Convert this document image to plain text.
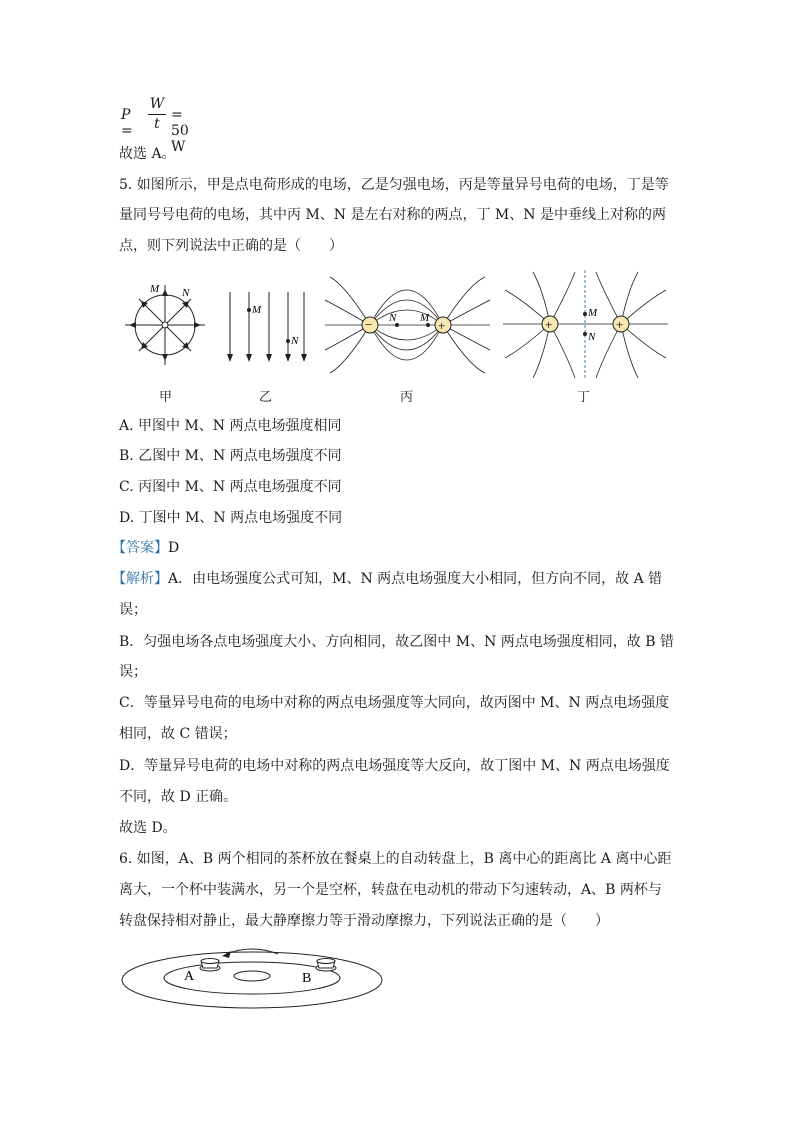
P =
W
t
= 50 W
故选 A。
5. 如图所示，甲是点电荷形成的电场，乙是匀强电场，丙是等量异号电荷的电场，丁是等
量同号号电荷的电场，其中丙 M、N 是左右对称的两点，丁 M、N 是中垂线上对称的两
点，则下列说法中正确的是（　　）
M N
M
N
−	+
N M	+	+
M
N
甲	乙	丙	丁
A. 甲图中 M、N 两点电场强度相同
B. 乙图中 M、N 两点电场强度不同
C. 丙图中 M、N 两点电场强度不同
D. 丁图中 M、N 两点电场强度不同
【答案】D
【解析】A．由电场强度公式可知，M、N 两点电场强度大小相同，但方向不同，故 A 错
误；
B．匀强电场各点电场强度大小、方向相同，故乙图中 M、N 两点电场强度相同，故 B 错
误；
C．等量异号电荷的电场中对称的两点电场强度等大同向，故丙图中 M、N 两点电场强度
相同，故 C 错误；
D．等量异号电荷的电场中对称的两点电场强度等大反向，故丁图中 M、N 两点电场强度
不同，故 D 正确。
故选 D。
6. 如图，A、B 两个相同的茶杯放在餐桌上的自动转盘上，B 离中心的距离比 A 离中心距
离大，一个杯中装满水，另一个是空杯，转盘在电动机的带动下匀速转动，A、B 两杯与
转盘保持相对静止，最大静摩擦力等于滑动摩擦力，下列说法正确的是（　　）
A	B
